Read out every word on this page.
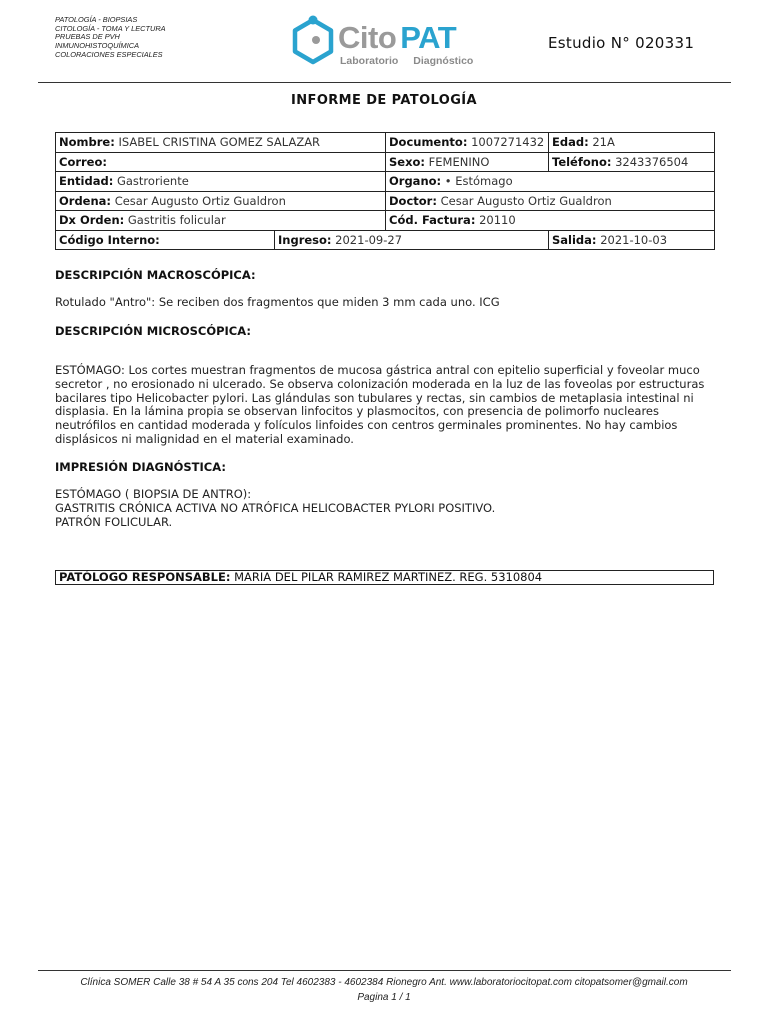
PATOLOGÍA - BIOPSIAS
CITOLOGÍA - TOMA Y LECTURA
PRUEBAS DE PVH
INMUNOHISTOQUÍMICA
COLORACIONES ESPECIALES	Cito PAT
Laboratorio Diagnóstico
Estudio N° 020331
INFORME DE PATOLOGÍA
Nombre: ISABEL CRISTINA GOMEZ SALAZAR		Documento: 1007271432	Edad: 21A
Correo:		Sexo: FEMENINO	Teléfono: 3243376504
Entidad: Gastroriente		Organo: • Estómago	
Ordena: Cesar Augusto Ortiz Gualdron		Doctor: Cesar Augusto Ortiz Gualdron	
Dx Orden: Gastritis folicular		Cód. Factura: 20110	
Código Interno:	Ingreso: 2021-09-27		Salida: 2021-10-03
DESCRIPCIÓN MACROSCÓPICA:
Rotulado "Antro": Se reciben dos fragmentos que miden 3 mm cada uno. ICG
DESCRIPCIÓN MICROSCÓPICA:
ESTÓMAGO: Los cortes muestran fragmentos de mucosa gástrica antral con epitelio superficial y foveolar muco
secretor , no erosionado ni ulcerado. Se observa colonización moderada en la luz de las foveolas por estructuras
bacilares tipo Helicobacter pylori. Las glándulas son tubulares y rectas, sin cambios de metaplasia intestinal ni
displasia. En la lámina propia se observan linfocitos y plasmocitos, con presencia de polimorfo nucleares
neutrófilos en cantidad moderada y folículos linfoides con centros germinales prominentes. No hay cambios
displásicos ni malignidad en el material examinado.
IMPRESIÓN DIAGNÓSTICA:
ESTÓMAGO ( BIOPSIA DE ANTRO):
GASTRITIS CRÓNICA ACTIVA NO ATRÓFICA HELICOBACTER PYLORI POSITIVO.
PATRÓN FOLICULAR.
PATÓLOGO RESPONSABLE: MARIA DEL PILAR RAMIREZ MARTINEZ. REG. 5310804
Clínica SOMER Calle 38 # 54 A 35 cons 204 Tel 4602383 - 4602384 Rionegro Ant. www.laboratoriocitopat.com citopatsomer@gmail.com
Pagina 1 / 1
